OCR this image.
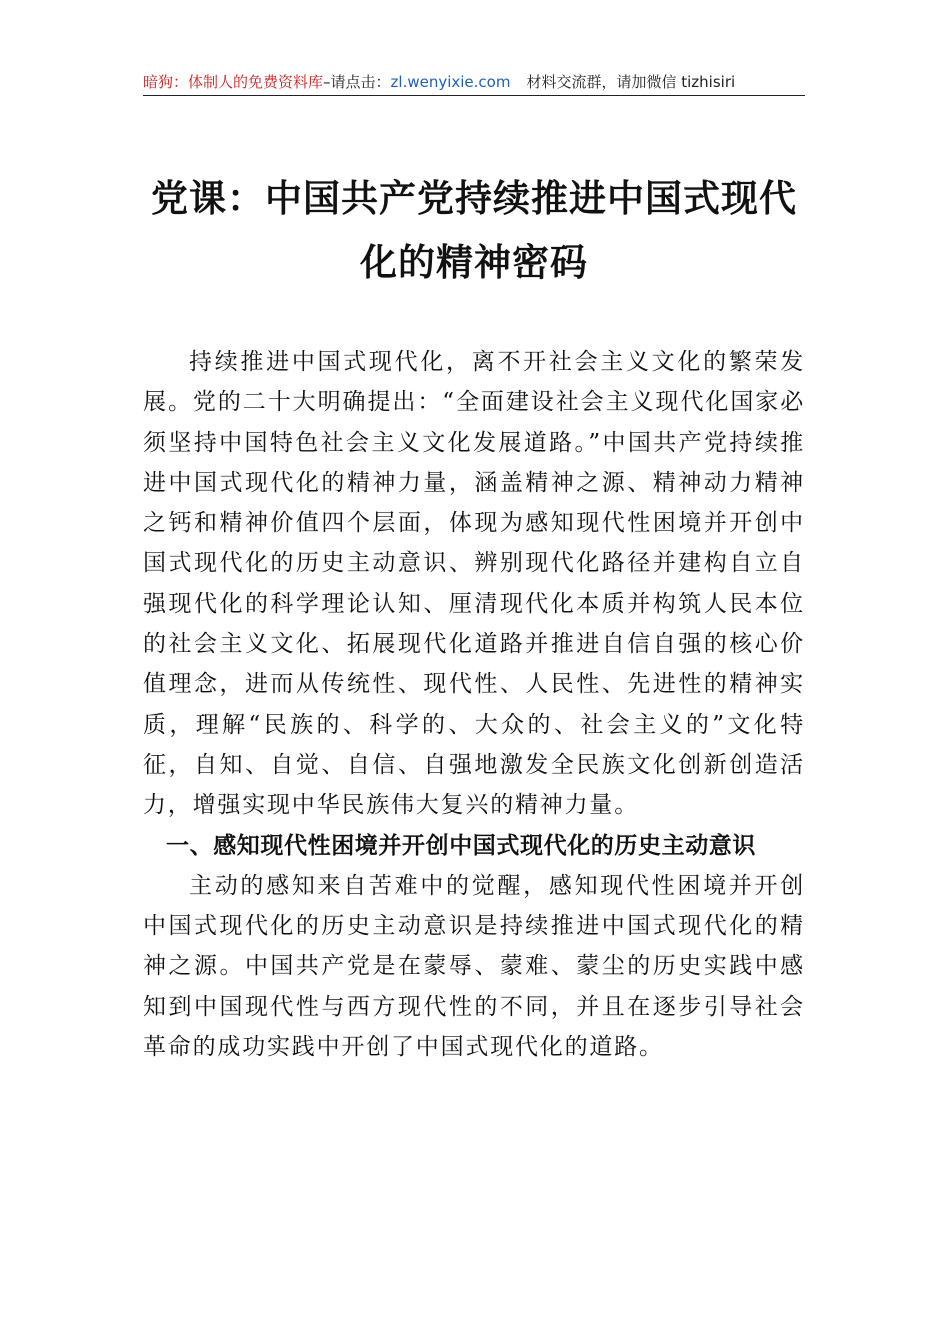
暗狗：体制人的免费资料库–请点击：zl.wenyixie.com 材料交流群，请加微信 tizhisiri
党课：中国共产党持续推进中国式现代化的精神密码

持续推进中国式现代化，离不开社会主义文化的繁荣发展。党的二十大明确提出：“全面建设社会主义现代化国家必须坚持中国特色社会主义文化发展道路。”中国共产党持续推进中国式现代化的精神力量，涵盖精神之源、精神动力精神之钙和精神价值四个层面，体现为感知现代性困境并开创中国式现代化的历史主动意识、辨别现代化路径并建构自立自强现代化的科学理论认知、厘清现代化本质并构筑人民本位的社会主义文化、拓展现代化道路并推进自信自强的核心价值理念，进而从传统性、现代性、人民性、先进性的精神实质，理解“民族的、科学的、大众的、社会主义的”文化特征，自知、自觉、自信、自强地激发全民族文化创新创造活力，增强实现中华民族伟大复兴的精神力量。

一、感知现代性困境并开创中国式现代化的历史主动意识

主动的感知来自苦难中的觉醒，感知现代性困境并开创中国式现代化的历史主动意识是持续推进中国式现代化的精神之源。中国共产党是在蒙辱、蒙难、蒙尘的历史实践中感知到中国现代性与西方现代性的不同，并且在逐步引导社会革命的成功实践中开创了中国式现代化的道路。
